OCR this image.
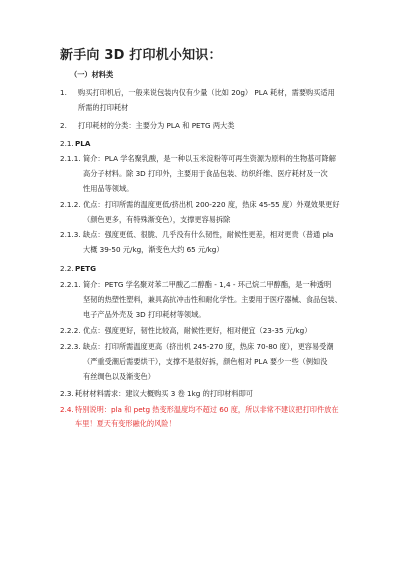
新手向 3D 打印机小知识：
（一）材料类
1. 购买打印机后，一般来说包装内仅有少量（比如 20g） PLA 耗材，需要购买适用
所需的打印耗材
2. 打印耗材的分类：主要分为 PLA 和 PETG 两大类
2.1. PLA
2.1.1. 简介：PLA 学名聚乳酸，是一种以玉米淀粉等可再生资源为原料的生物基可降解
高分子材料。除 3D 打印外，主要用于食品包装、纺织纤维、医疗耗材及一次
性用品等领域。
2.1.2. 优点：打印所需的温度更低/挤出机 200-220 度，热床 45-55 度）外观效果更好
（颜色更多，有特殊渐变色），支撑更容易拆除
2.1.3. 缺点：强度更低、很脆、几乎没有什么韧性，耐候性更差，相对更贵（普通 pla
大概 39-50 元/kg，渐变色大约 65 元/kg）
2.2. PETG
2.2.1. 简介：PETG 学名聚对苯二甲酸乙二醇酯 - 1,4 - 环己烷二甲醇酯，是一种透明
坚韧的热塑性塑料，兼具高抗冲击性和耐化学性。主要用于医疗器械、食品包装、
电子产品外壳及 3D 打印耗材等领域。
2.2.2. 优点：强度更好，韧性比较高，耐候性更好，相对便宜（23-35 元/kg）
2.2.3. 缺点：打印所需温度更高（挤出机 245-270 度，热床 70-80 度），更容易受潮
（严重受潮后需要烘干），支撑不是很好拆，颜色相对 PLA 要少一些（例如没
有丝绸色以及渐变色）
2.3. 耗材材料需求：建议大概购买 3 卷 1kg 的打印材料即可
2.4. 特别说明：pla 和 petg 热变形温度均不超过 60 度，所以非常不建议把打印件放在
车里！夏天有变形融化的风险！
